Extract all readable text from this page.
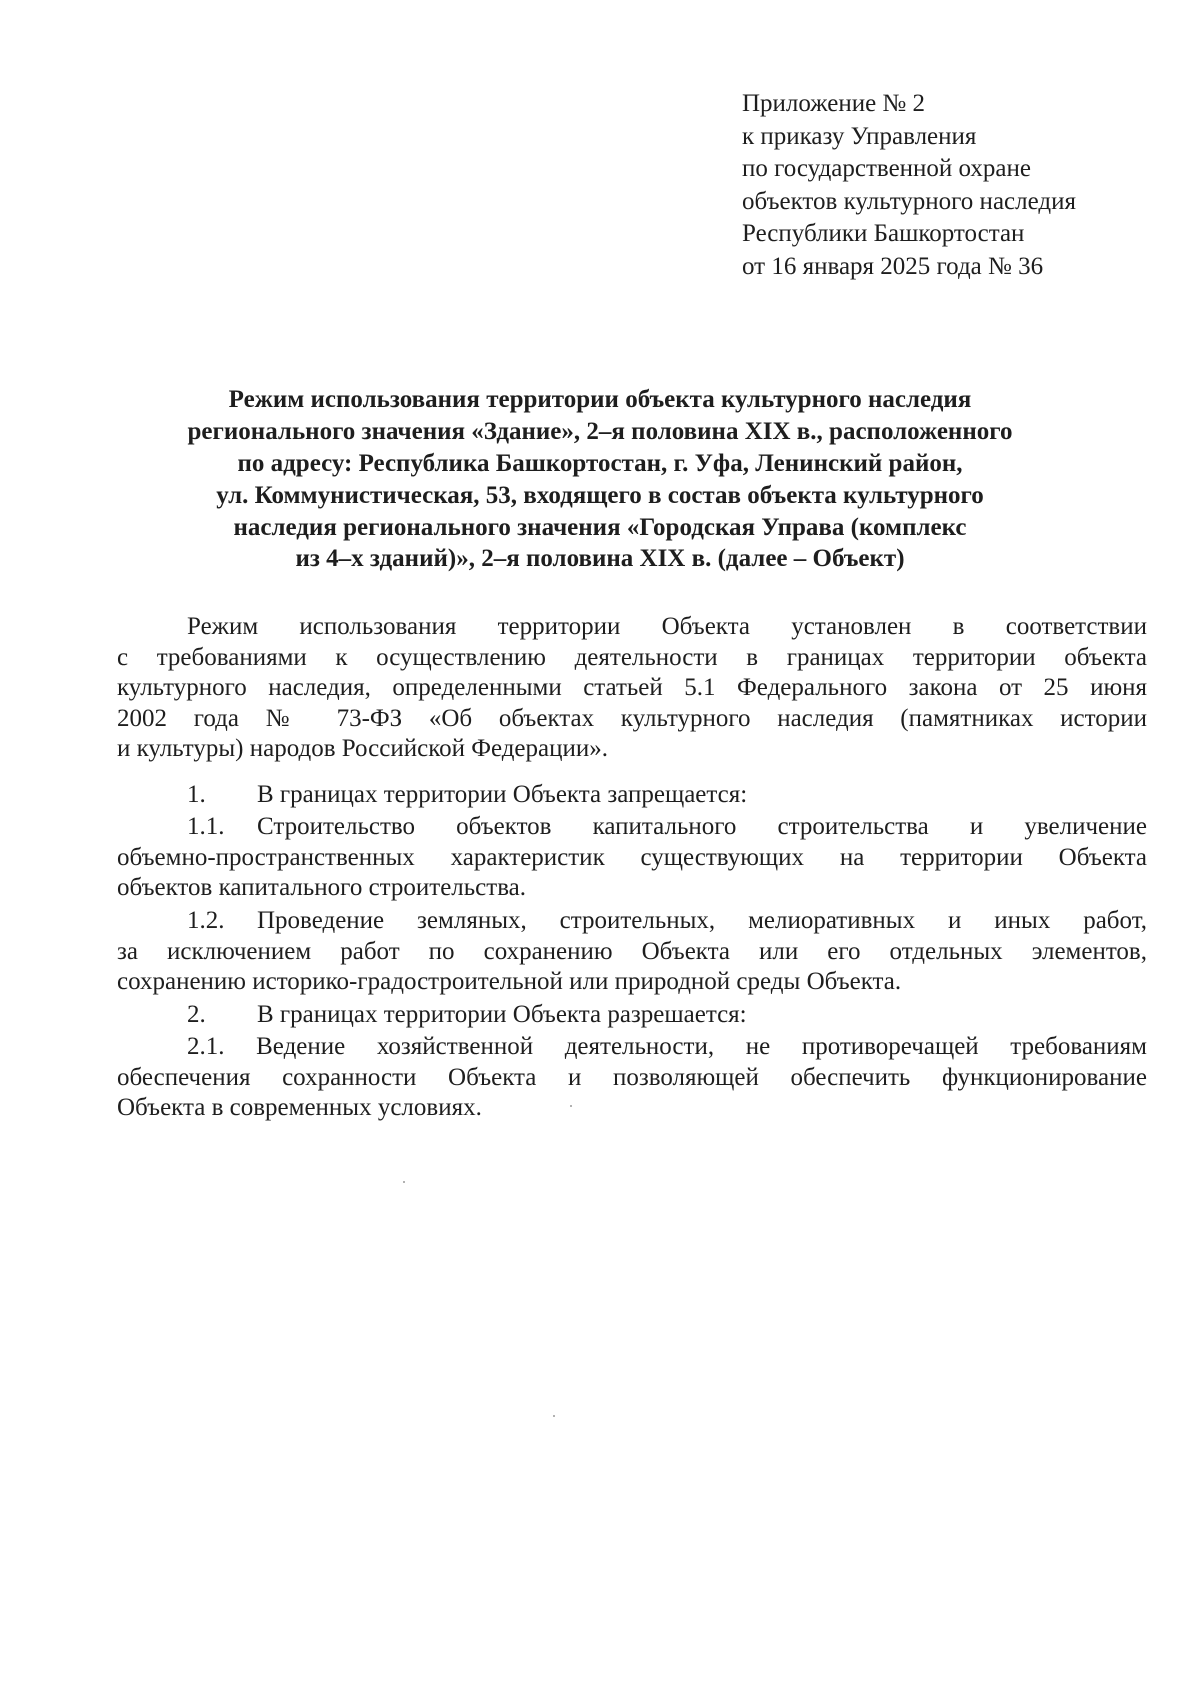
Приложение № 2
к приказу Управления
по государственной охране
объектов культурного наследия
Республики Башкортостан
от 16 января 2025 года № 36
Режим использования территории объекта культурного наследия
регионального значения «Здание», 2–я половина XIX в., расположенного
по адресу: Республика Башкортостан, г. Уфа, Ленинский район,
ул. Коммунистическая, 53, входящего в состав объекта культурного
наследия регионального значения «Городская Управа (комплекс
из 4–х зданий)», 2–я половина XIX в. (далее – Объект)
Режим использования территории Объекта установлен в соответствии
с требованиями к осуществлению деятельности в границах территории объекта
культурного наследия, определенными статьей 5.1 Федерального закона от 25 июня
2002 года № 73-ФЗ «Об объектах культурного наследия (памятниках истории
и культуры) народов Российской Федерации».
1. В границах территории Объекта запрещается:
1.1. Строительство объектов капитального строительства и увеличение
объемно-пространственных характеристик существующих на территории Объекта
объектов капитального строительства.
1.2. Проведение земляных, строительных, мелиоративных и иных работ,
за исключением работ по сохранению Объекта или его отдельных элементов,
сохранению историко-градостроительной или природной среды Объекта.
2. В границах территории Объекта разрешается:
2.1. Ведение хозяйственной деятельности, не противоречащей требованиям
обеспечения сохранности Объекта и позволяющей обеспечить функционирование
Объекта в современных условиях.
